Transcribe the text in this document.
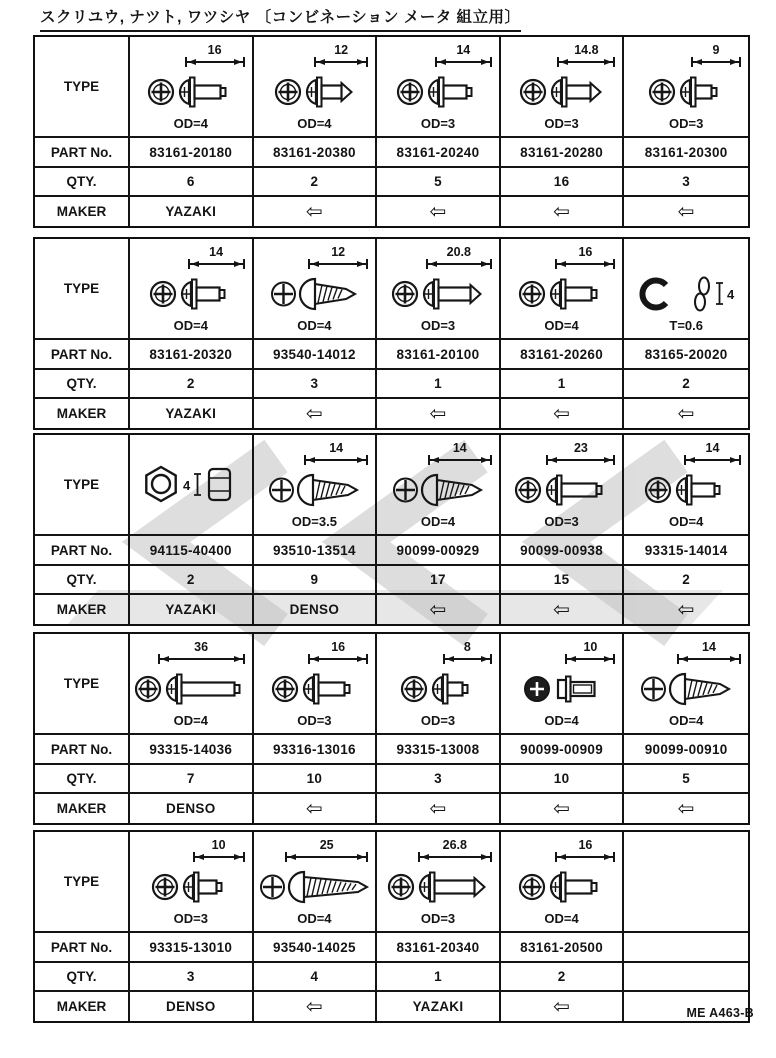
スクリユウ, ナツト, ワツシヤ 〔コンビネーション メータ 組立用〕
TYPE
16
OD=4
12
OD=4
14
OD=3
14.8
OD=3
9
OD=3
PART No.	83161-20180	83161-20380	83161-20240	83161-20280	83161-20300
QTY.	6	2	5	16	3
MAKER	YAZAKI	⇦	⇦	⇦	⇦
TYPE
14
OD=4
12
OD=4
20.8
OD=3
16
OD=4
4
T=0.6
PART No.	83161-20320	93540-14012	83161-20100	83161-20260	83165-20020
QTY.	2	3	1	1	2
MAKER	YAZAKI	⇦	⇦	⇦	⇦
TYPE	4
14
OD=3.5
14
OD=4
23
OD=3
14
OD=4
PART No.	94115-40400	93510-13514	90099-00929	90099-00938	93315-14014
QTY.	2	9	17	15	2
MAKER	YAZAKI	DENSO	⇦	⇦	⇦
TYPE
36
OD=4
16
OD=3
8
OD=3
10
OD=4
14
OD=4
PART No.	93315-14036	93316-13016	93315-13008	90099-00909	90099-00910
QTY.	7	10	3	10	5
MAKER	DENSO	⇦	⇦	⇦	⇦
TYPE
10
OD=3
25
OD=4
26.8
OD=3
16
OD=4
PART No.	93315-13010	93540-14025	83161-20340	83161-20500
QTY.	3	4	1	2
MAKER	DENSO	⇦	YAZAKI	⇦	ME A463-B
